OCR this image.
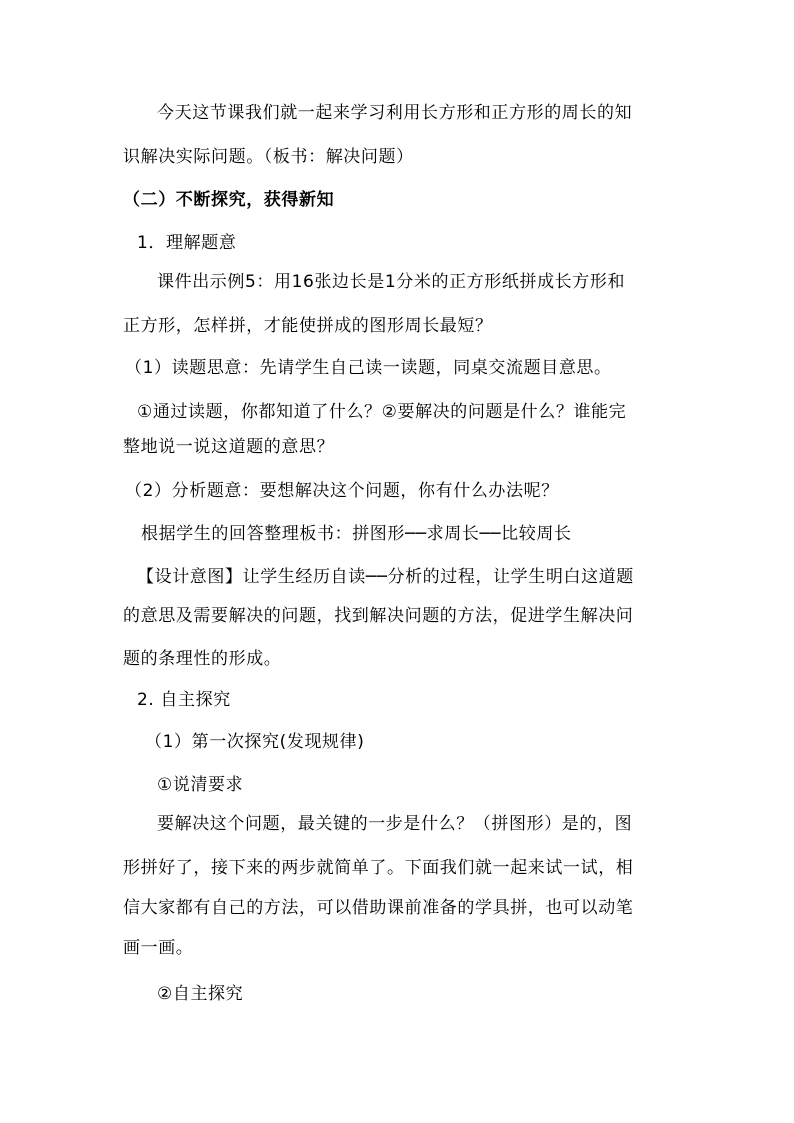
今天这节课我们就一起来学习利用长方形和正方形的周长的知
识解决实际问题。（板书：解决问题）
（二）不断探究，获得新知
1．理解题意
课件出示例5：用16张边长是1分米的正方形纸拼成长方形和
正方形，怎样拼，才能使拼成的图形周长最短？
（1）读题思意：先请学生自己读一读题，同桌交流题目意思。
①通过读题，你都知道了什么？②要解决的问题是什么？谁能完
整地说一说这道题的意思？
（2）分析题意：要想解决这个问题，你有什么办法呢？
根据学生的回答整理板书：拼图形──求周长──比较周长
【设计意图】让学生经历自读──分析的过程，让学生明白这道题
的意思及需要解决的问题，找到解决问题的方法，促进学生解决问
题的条理性的形成。
2. 自主探究
（1）第一次探究(发现规律)
①说清要求
要解决这个问题，最关键的一步是什么？（拼图形）是的，图
形拼好了，接下来的两步就简单了。下面我们就一起来试一试，相
信大家都有自己的方法，可以借助课前准备的学具拼，也可以动笔
画一画。
②自主探究
